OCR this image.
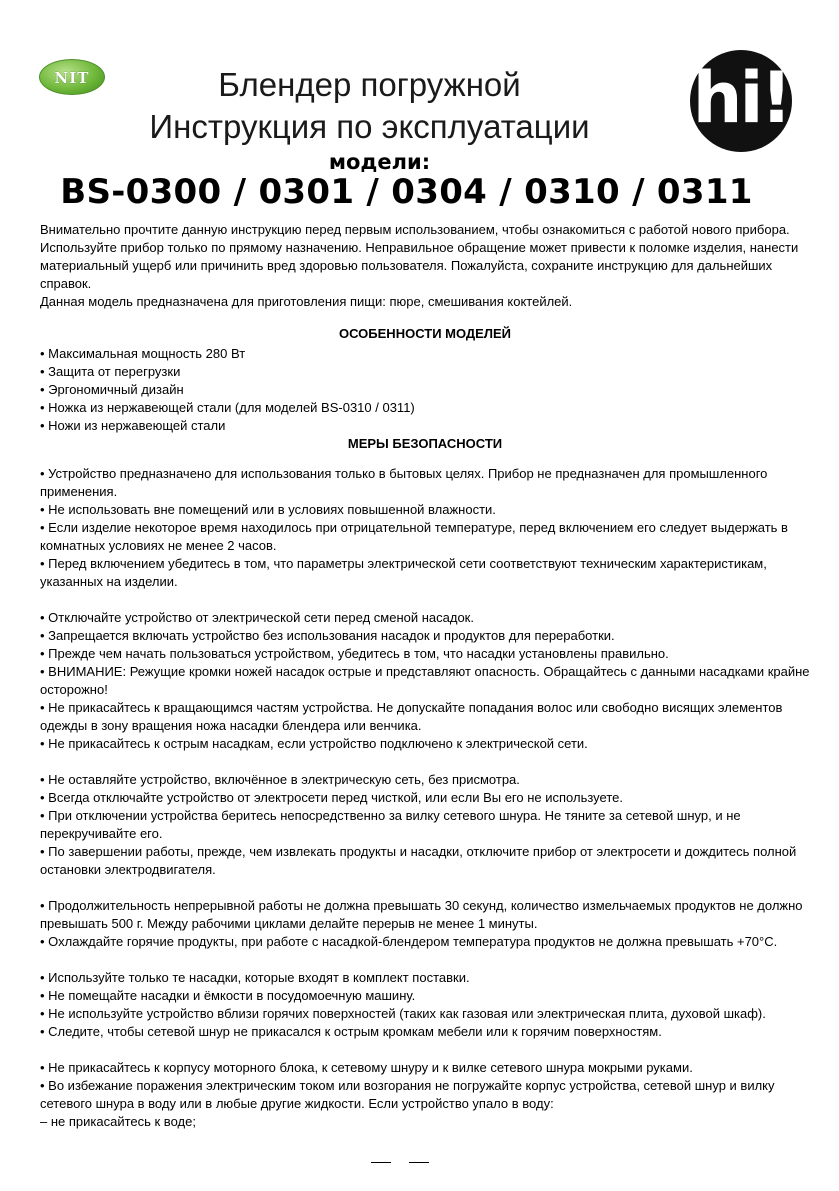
NIT	Блендер погружной
Инструкция по эксплуатации	hi!
модели:
BS-0300 / 0301 / 0304 / 0310 / 0311

Внимательно прочтите данную инструкцию перед первым использованием, чтобы ознакомиться с работой нового прибора. Используйте прибор только по прямому назначению. Неправильное обращение может привести к поломке изделия, нанести материальный ущерб или причинить вред здоровью пользователя. Пожалуйста, сохраните инструкцию для дальнейших справок.

Данная модель предназначена для приготовления пищи: пюре, смешивания коктейлей.

ОСОБЕННОСТИ МОДЕЛЕЙ

• Максимальная мощность 280 Вт

• Защита от перегрузки

• Эргономичный дизайн

• Ножка из нержавеющей стали (для моделей BS-0310 / 0311)

• Ножи из нержавеющей стали

МЕРЫ БЕЗОПАСНОСТИ

• Устройство предназначено для использования только в бытовых целях. Прибор не предназначен для промышленного применения.

• Не использовать вне помещений или в условиях повышенной влажности.

• Если изделие некоторое время находилось при отрицательной температуре, перед включением его следует выдержать в комнатных условиях не менее 2 часов.

• Перед включением убедитесь в том, что параметры электрической сети соответствуют техническим характеристикам, указанных на изделии.

• Отключайте устройство от электрической сети перед сменой насадок.

• Запрещается включать устройство без использования насадок и продуктов для переработки.

• Прежде чем начать пользоваться устройством, убедитесь в том, что насадки установлены правильно.

• ВНИМАНИЕ: Режущие кромки ножей насадок острые и представляют опасность. Обращайтесь с данными насадками крайне осторожно!

• Не прикасайтесь к вращающимся частям устройства. Не допускайте попадания волос или свободно висящих элементов одежды в зону вращения ножа насадки блендера или венчика.

• Не прикасайтесь к острым насадкам, если устройство подключено к электрической сети.

• Не оставляйте устройство, включённое в электрическую сеть, без присмотра.

• Всегда отключайте устройство от электросети перед чисткой, или если Вы его не используете.

• При отключении устройства беритесь непосредственно за вилку сетевого шнура. Не тяните за сетевой шнур, и не перекручивайте его.

• По завершении работы, прежде, чем извлекать продукты и насадки, отключите прибор от электросети и дождитесь полной остановки электродвигателя.

• Продолжительность непрерывной работы не должна превышать 30 секунд, количество измельчаемых продуктов не должно превышать 500 г. Между рабочими циклами делайте перерыв не менее 1 минуты.

• Охлаждайте горячие продукты, при работе с насадкой-блендером температура продуктов не должна превышать +70°С.

• Используйте только те насадки, которые входят в комплект поставки.

• Не помещайте насадки и ёмкости в посудомоечную машину.

• Не используйте устройство вблизи горячих поверхностей (таких как газовая или электрическая плита, духовой шкаф).

• Следите, чтобы сетевой шнур не прикасался к острым кромкам мебели или к горячим поверхностям.

• Не прикасайтесь к корпусу моторного блока, к сетевому шнуру и к вилке сетевого шнура мокрыми руками.

• Во избежание поражения электрическим током или возгорания не погружайте корпус устройства, сетевой шнур и вилку сетевого шнура в воду или в любые другие жидкости. Если устройство упало в воду:

– не прикасайтесь к воде;
